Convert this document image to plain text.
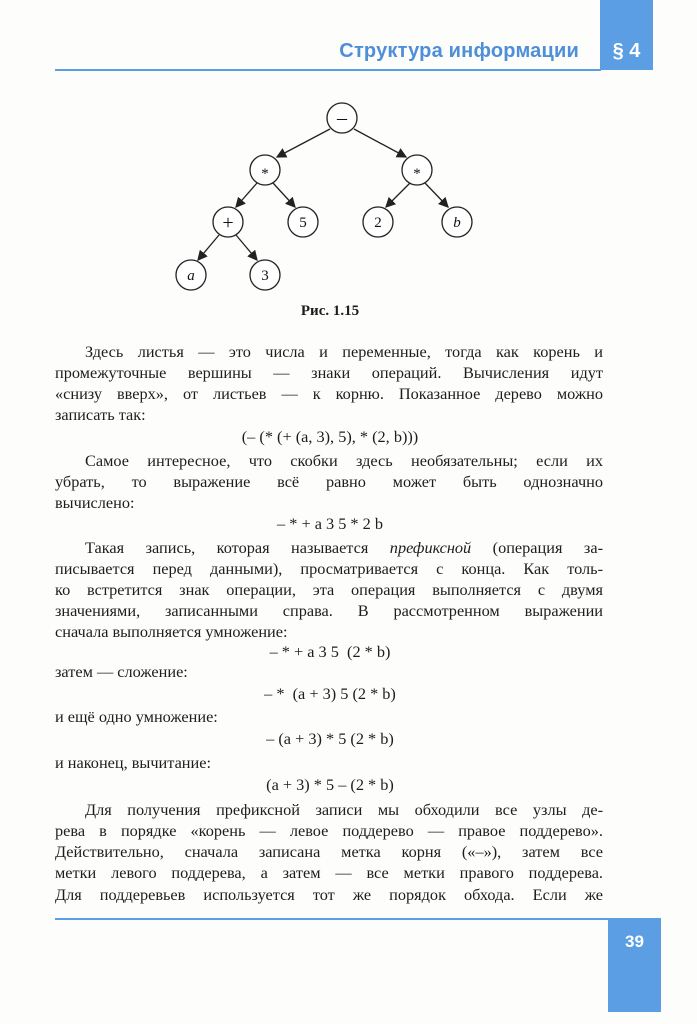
Структура информации	§ 4
–
*	*
+	5	2	b
a	3
Рис. 1.15
Здесь листья — это числа и переменные, тогда как корень и
промежуточные вершины — знаки операций. Вычисления идут
«снизу вверх», от листьев — к корню. Показанное дерево можно
записать так:
(– (* (+ (a, 3), 5), * (2, b)))
Самое интересное, что скобки здесь необязательны; если их
убрать, то выражение всё равно может быть однозначно
вычислено:
– * + a 3 5 * 2 b
Такая запись, которая называется префиксной (операция за-
писывается перед данными), просматривается с конца. Как толь-
ко встретится знак операции, эта операция выполняется с двумя
значениями, записанными справа. В рассмотренном выражении
сначала выполняется умножение:
– * + a 3 5  (2 * b)
затем — сложение:
– *  (a + 3) 5 (2 * b)
и ещё одно умножение:
– (a + 3) * 5 (2 * b)
и наконец, вычитание:
(a + 3) * 5 – (2 * b)
Для получения префиксной записи мы обходили все узлы де-
рева в порядке «корень — левое поддерево — правое поддерево».
Действительно, сначала записана метка корня («–»), затем все
метки левого поддерева, а затем — все метки правого поддерева.
Для поддеревьев используется тот же порядок обхода. Если же
39
